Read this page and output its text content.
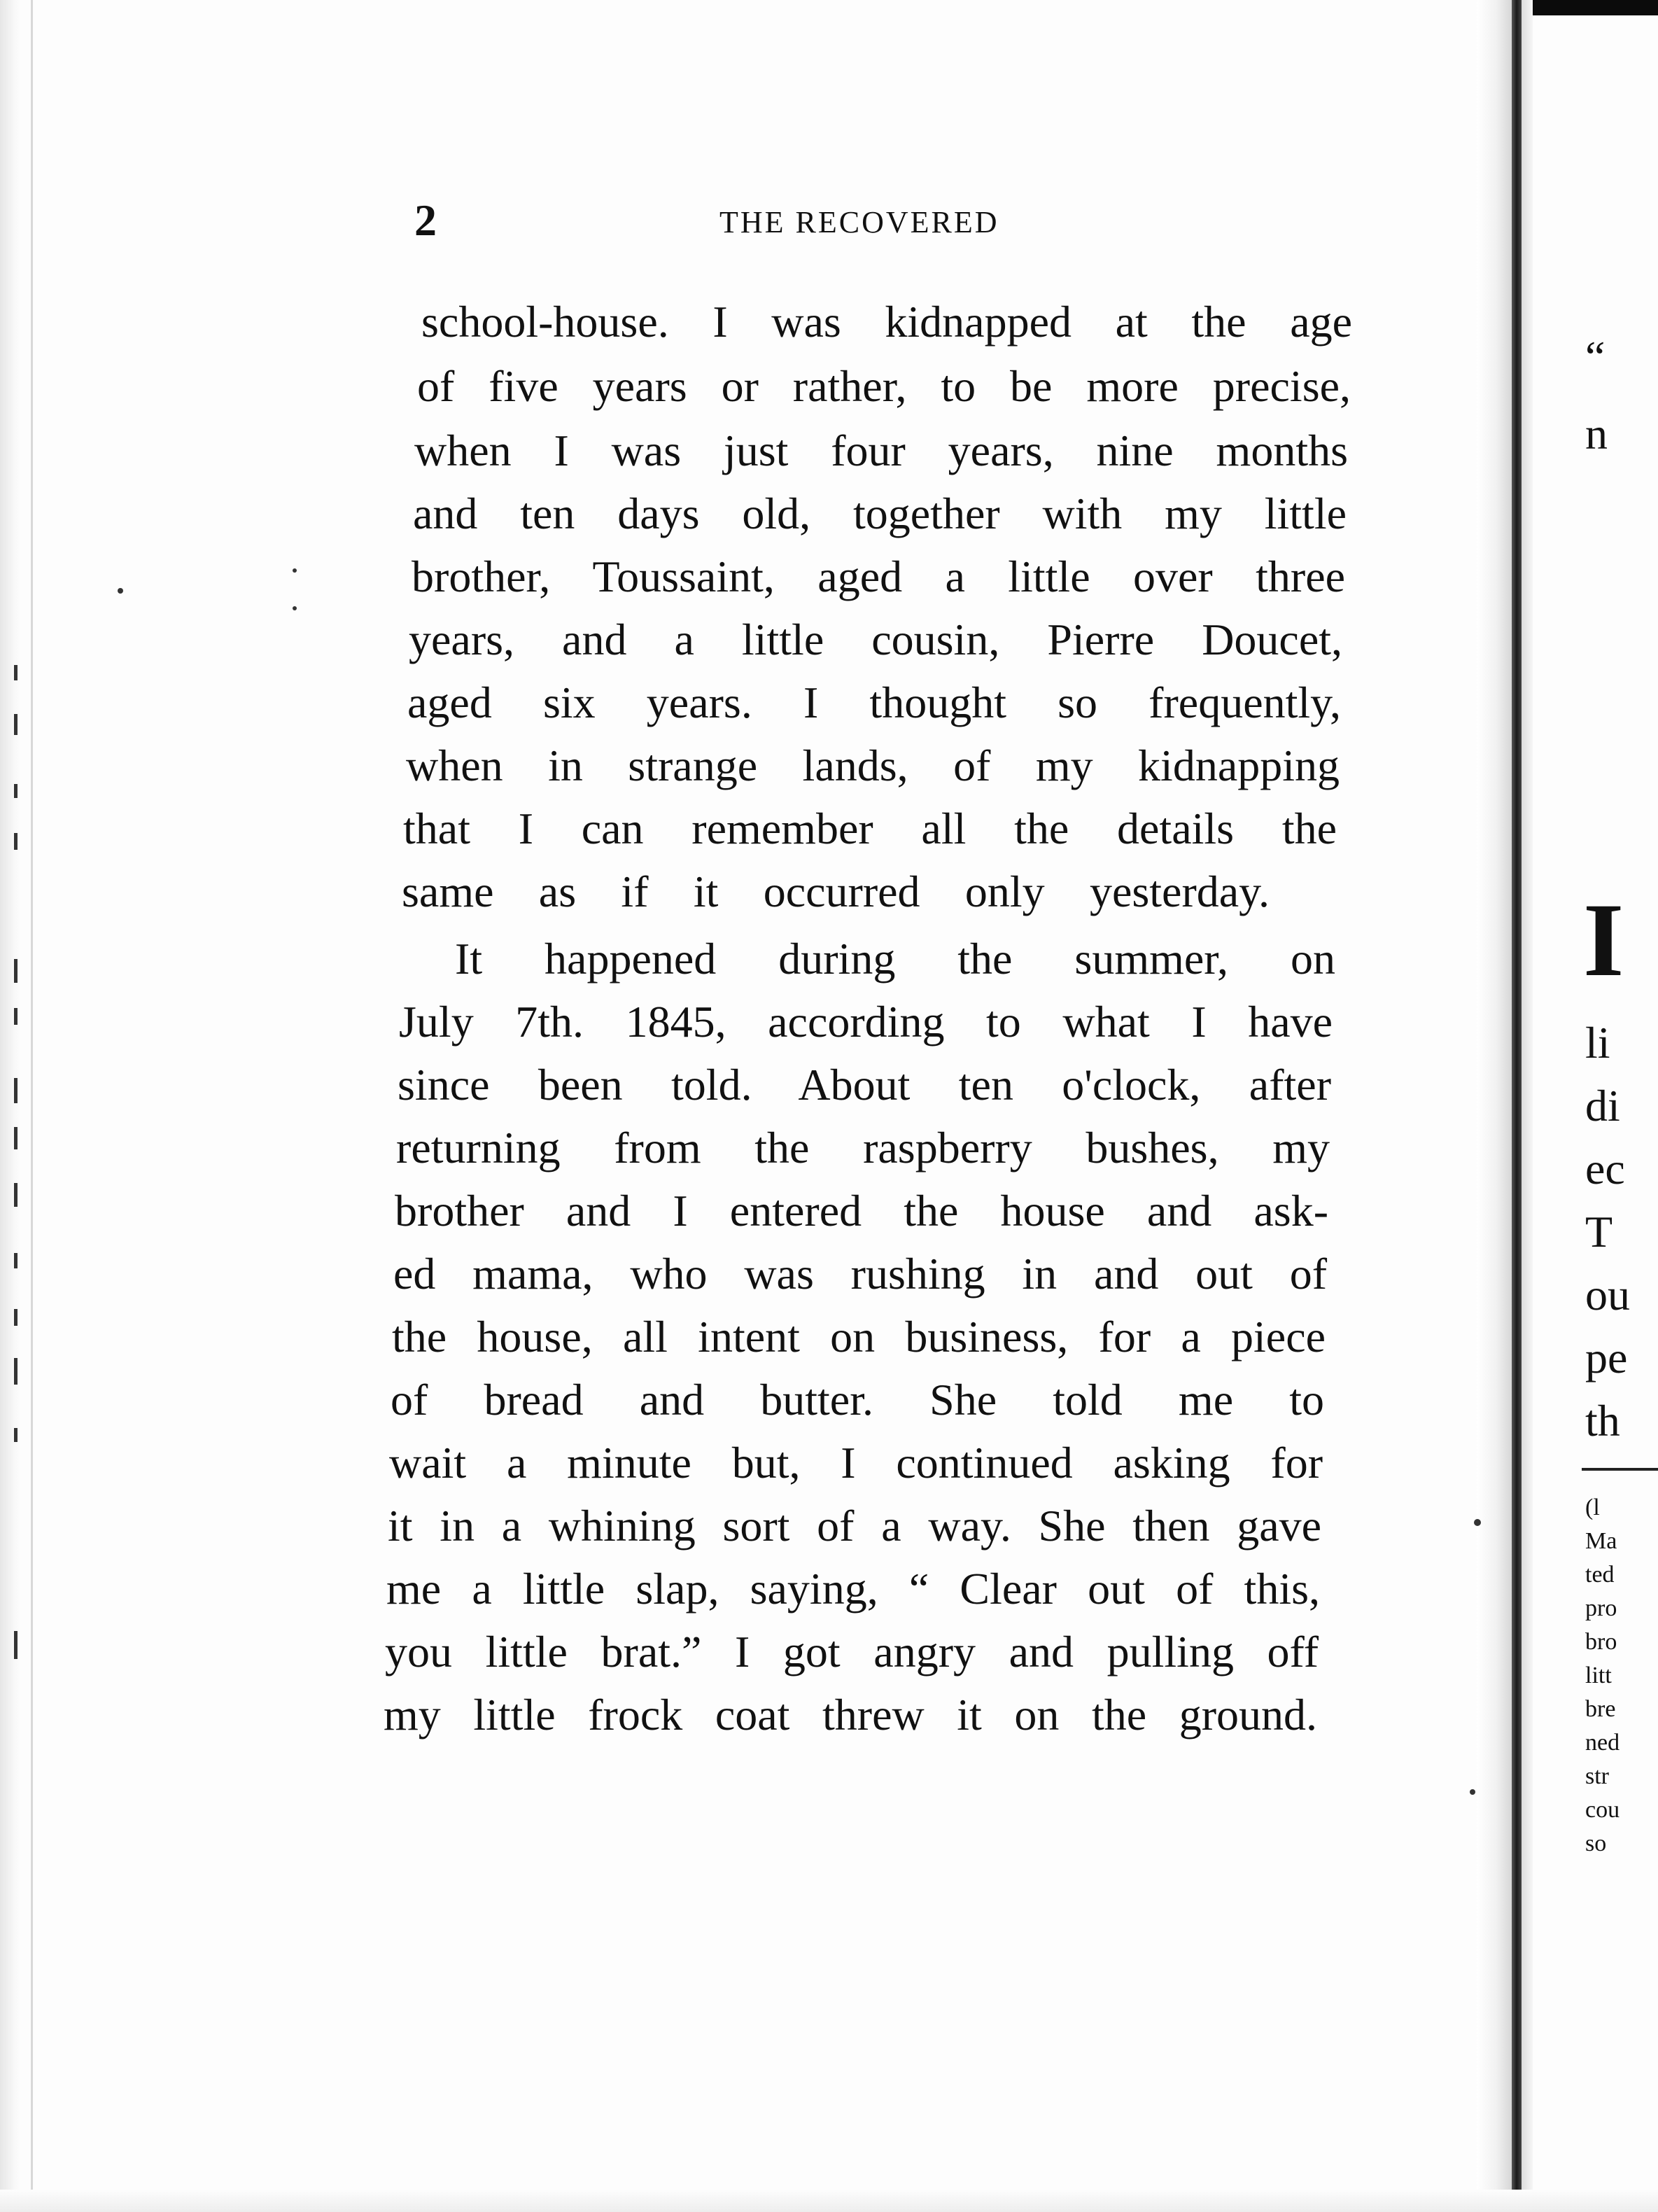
2	THE RECOVERED
school-house. I was kidnapped at the age
of five years or rather, to be more precise,
when I was just four years, nine months
and ten days old, together with my little
brother, Toussaint, aged a little over three
years, and a little cousin, Pierre Doucet,
aged six years. I thought so frequently,
when in strange lands, of my kidnapping
that I can remember all the details the
same as if it occurred only yesterday.
It happened during the summer, on
July 7th. 1845, according to what I have
since been told. About ten o'clock, after
returning from the raspberry bushes, my
brother and I entered the house and ask-
ed mama, who was rushing in and out of
the house, all intent on business, for a piece
of bread and butter. She told me to
wait a minute but, I continued asking for
it in a whining sort of a way. She then gave
me a little slap, saying, “ Clear out of this,
you little brat.” I got angry and pulling off
my little frock coat threw it on the ground.
“
n
I
li
di
ec
T
ou
pe
th
(l
Ma
ted
pro
bro
litt
bre
ned
str
cou
so
